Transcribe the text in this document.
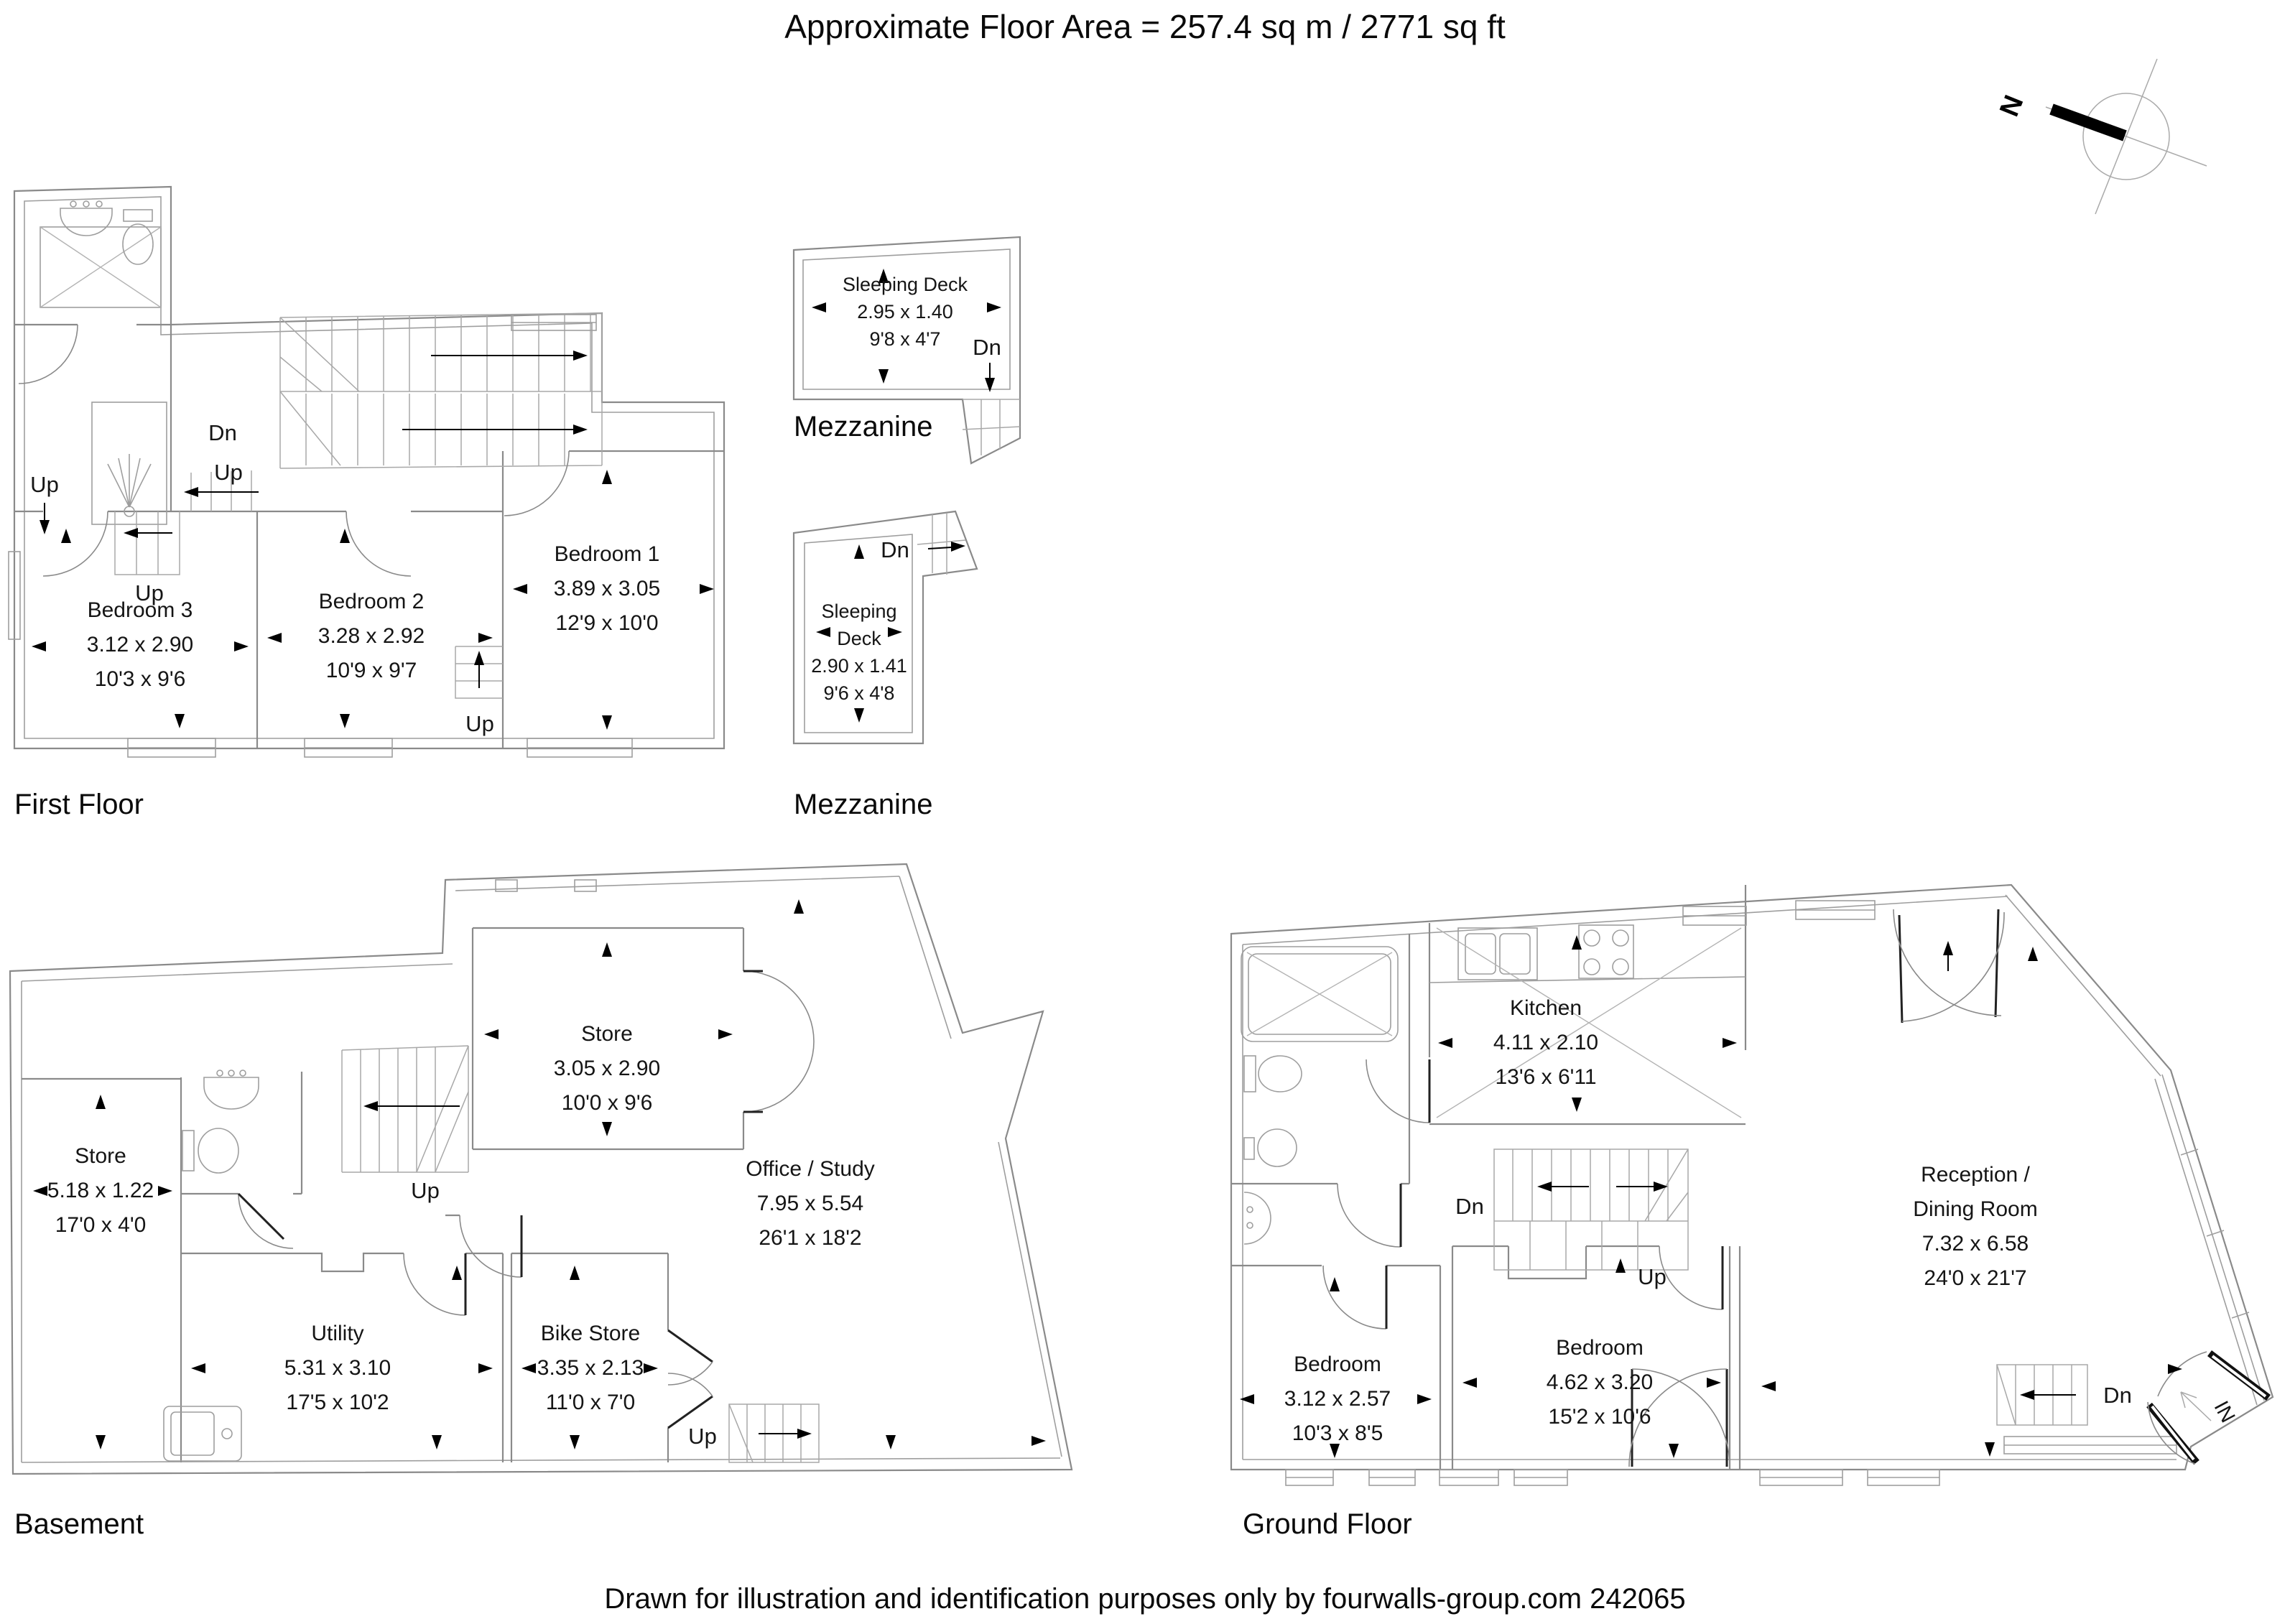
N
Approximate Floor Area = 257.4 sq m / 2771 sq ft
Drawn for illustration and identification purposes only by fourwalls-group.com 242065
First Floor
Mezzanine
Mezzanine
Basement	Ground Floor
Bedroom 3
3.12 x 2.90
10'3 x 9'6
Bedroom 2
3.28 x 2.92
10'9 x 9'7
Bedroom 1
3.89 x 3.05
12'9 x 10'0
Dn
Up
Up
Up
Up
Sleeping Deck
2.95 x 1.40
9'8 x 4'7	Dn
Sleeping
Deck
2.90 x 1.41
9'6 x 4'8
Dn
Store
5.18 x 1.22
17'0 x 4'0
Store
3.05 x 2.90
10'0 x 9'6
Office / Study
7.95 x 5.54
26'1 x 18'2
Utility
5.31 x 3.10
17'5 x 10'2
Bike Store
3.35 x 2.13
11'0 x 7'0
Up
Up
Kitchen
4.11 x 2.10
13'6 x 6'11
Reception /
Dining Room
7.32 x 6.58
24'0 x 21'7
Bedroom
3.12 x 2.57
10'3 x 8'5
Bedroom
4.62 x 3.20
15'2 x 10'6
Dn
Up
Dn
IN
